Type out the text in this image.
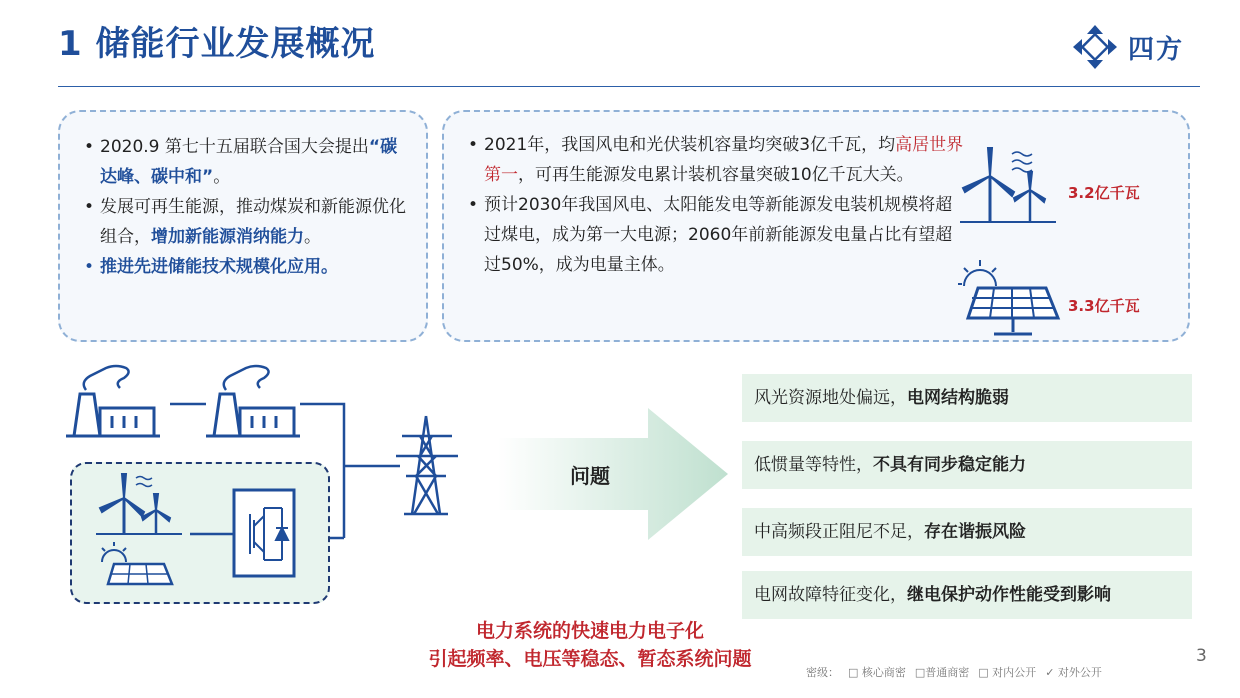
1 储能行业发展概况	四方
• 2020.9 第七十五届联合国大会提出“碳达峰、碳中和”。
• 发展可再生能源，推动煤炭和新能源优化组合，增加新能源消纳能力。
• 推进先进储能技术规模化应用。
• 2021年，我国风电和光伏装机容量均突破3亿千瓦，均高居世界第一，可再生能源发电累计装机容量突破10亿千瓦大关。
• 预计2030年我国风电、太阳能发电等新能源发电装机规模将超过煤电，成为第一大电源；2060年前新能源发电量占比有望超过50%，成为电量主体。
3.2亿千瓦
3.3亿千瓦
问题
风光资源地处偏远，电网结构脆弱
低惯量等特性，不具有同步稳定能力
中高频段正阻尼不足，存在谐振风险
电网故障特征变化，继电保护动作性能受到影响
电力系统的快速电力电子化
引起频率、电压等稳态、暂态系统问题	3
密级： □ 核心商密 □普通商密 □ 对内公开 ✓ 对外公开
